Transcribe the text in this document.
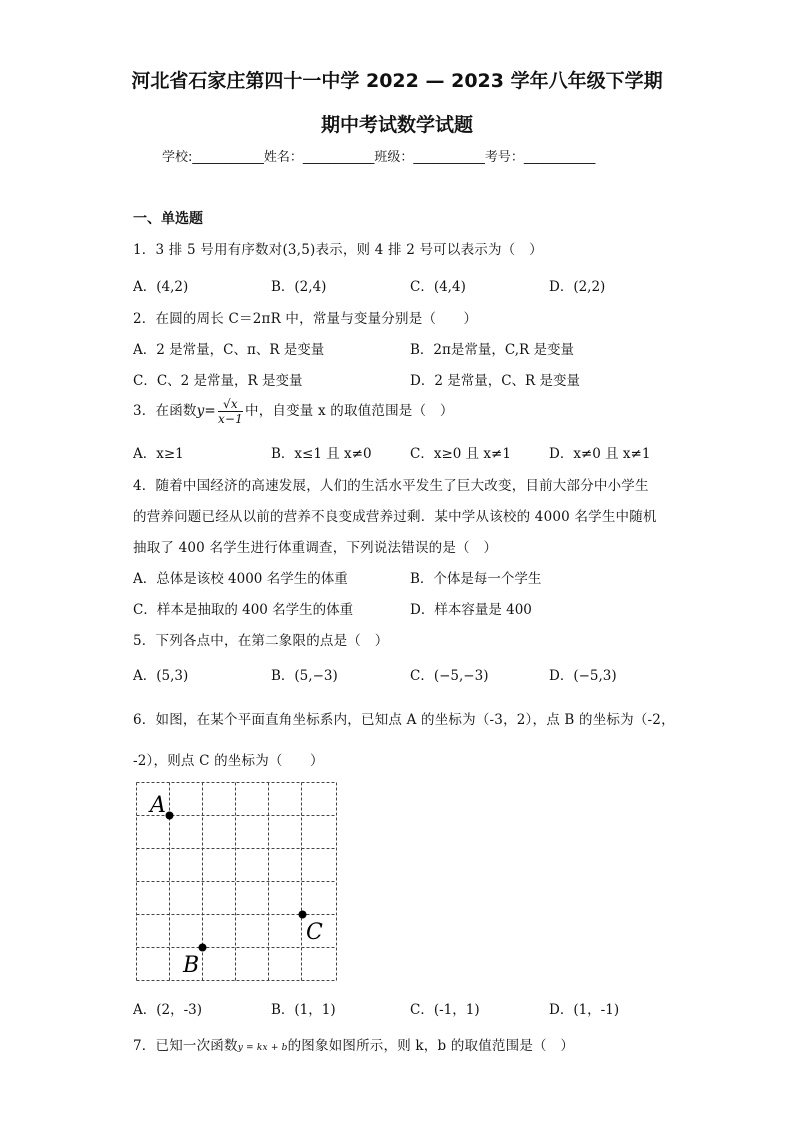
河北省石家庄第四十一中学 2022 — 2023 学年八年级下学期
期中考试数学试题
学校:___________姓名：___________班级：___________考号：___________
一、单选题
1．3 排 5 号用有序数对(3,5)表示，则 4 排 2 号可以表示为（　）
A．(4,2)	B．(2,4)	C．(4,4)	D．(2,2)
2．在圆的周长 C＝2πR 中，常量与变量分别是（　　）
A．2 是常量，C、π、R 是变量	B．2π是常量，C,R 是变量
C．C、2 是常量，R 是变量	D．2 是常量，C、R 是变量
3．在函数$y= \frac{√x}{x-1}$ 中，自变量 x 的取值范围是（　）
A．x≥1	B．x≤1 且 x≠0	C．x≥0 且 x≠1	D．x≠0 且 x≠1
4．随着中国经济的高速发展，人们的生活水平发生了巨大改变，目前大部分中小学生
的营养问题已经从以前的营养不良变成营养过剩．某中学从该校的 4000 名学生中随机
抽取了 400 名学生进行体重调查，下列说法错误的是（　）
A．总体是该校 4000 名学生的体重	B．个体是每一个学生
C．样本是抽取的 400 名学生的体重	D．样本容量是 400
5．下列各点中，在第二象限的点是（　）
A．(5,3)	B．(5,−3)	C．(−5,−3)	D．(−5,3)
6．如图，在某个平面直角坐标系内，已知点 A 的坐标为（-3，2），点 B 的坐标为（-2，
-2），则点 C 的坐标为（　　）
A
B
C
A．(2，-3)	B．(1，1)	C．(-1，1)	D．(1，-1)
7．已知一次函数y = kx + b的图象如图所示，则 k，b 的取值范围是（　）
